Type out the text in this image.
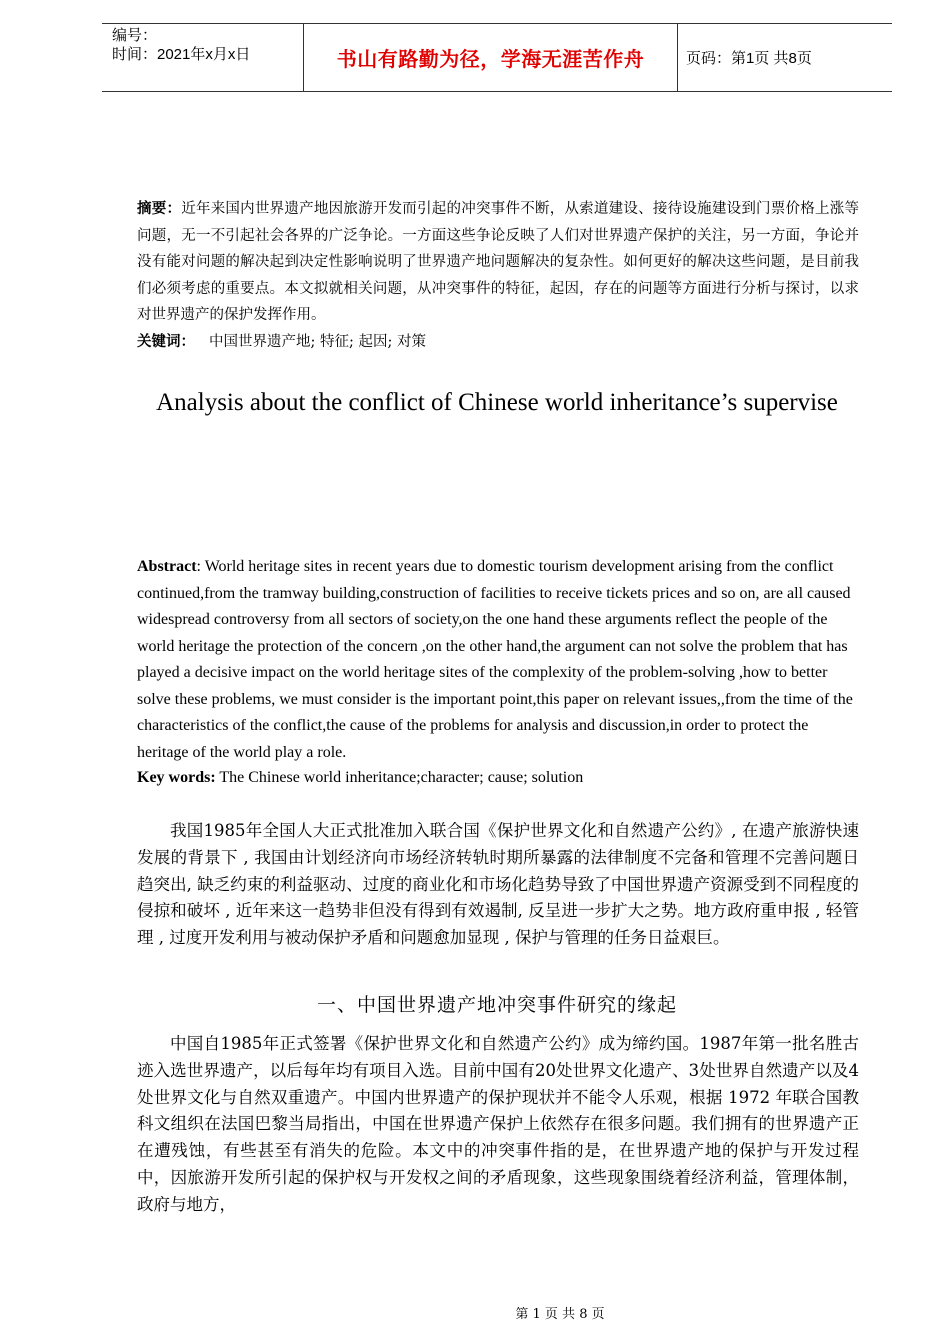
编号：
时间：2021年x月x日	书山有路勤为径，学海无涯苦作舟	页码：第1页 共8页
摘要：近年来国内世界遗产地因旅游开发而引起的冲突事件不断，从索道建设、接待设施建设到门票价格上涨等问题，无一不引起社会各界的广泛争论。一方面这些争论反映了人们对世界遗产保护的关注，另一方面，争论并没有能对问题的解决起到决定性影响说明了世界遗产地问题解决的复杂性。如何更好的解决这些问题，是目前我们必须考虑的重要点。本文拟就相关问题，从冲突事件的特征，起因，存在的问题等方面进行分析与探讨，以求对世界遗产的保护发挥作用。
关键词： 中国世界遗产地; 特征; 起因; 对策
Analysis about the conflict of Chinese world inheritance’s supervise
Abstract: World heritage sites in recent years due to domestic tourism development arising from the conflict continued,from the tramway building,construction of facilities to receive tickets prices and so on, are all caused widespread controversy from all sectors of society,on the one hand these arguments reflect the people of the world heritage the protection of the concern ,on the other hand,the argument can not solve the problem that has played a decisive impact on the world heritage sites of the complexity of the problem-solving ,how to better solve these problems, we must consider is the important point,this paper on relevant issues,,from the time of the characteristics of the conflict,the cause of the problems for analysis and discussion,in order to protect the heritage of the world play a role.
Key words: The Chinese world inheritance;character; cause; solution
我国1985年全国人大正式批准加入联合国《保护世界文化和自然遗产公约》, 在遗产旅游快速发展的背景下 , 我国由计划经济向市场经济转轨时期所暴露的法律制度不完备和管理不完善问题日趋突出, 缺乏约束的利益驱动、过度的商业化和市场化趋势导致了中国世界遗产资源受到不同程度的侵掠和破坏 , 近年来这一趋势非但没有得到有效遏制, 反呈进一步扩大之势。地方政府重申报 , 轻管理 , 过度开发利用与被动保护矛盾和问题愈加显现 , 保护与管理的任务日益艰巨。
一、中国世界遗产地冲突事件研究的缘起
中国自1985年正式签署《保护世界文化和自然遗产公约》成为缔约国。1987年第一批名胜古迹入选世界遗产，以后每年均有项目入选。目前中国有20处世界文化遗产、3处世界自然遗产以及4处世界文化与自然双重遗产。中国内世界遗产的保护现状并不能令人乐观，根据 1972 年联合国教科文组织在法国巴黎当局指出，中国在世界遗产保护上依然存在很多问题。我们拥有的世界遗产正在遭残蚀，有些甚至有消失的危险。本文中的冲突事件指的是，在世界遗产地的保护与开发过程中，因旅游开发所引起的保护权与开发权之间的矛盾现象，这些现象围绕着经济利益，管理体制，政府与地方，
第 1 页 共 8 页
